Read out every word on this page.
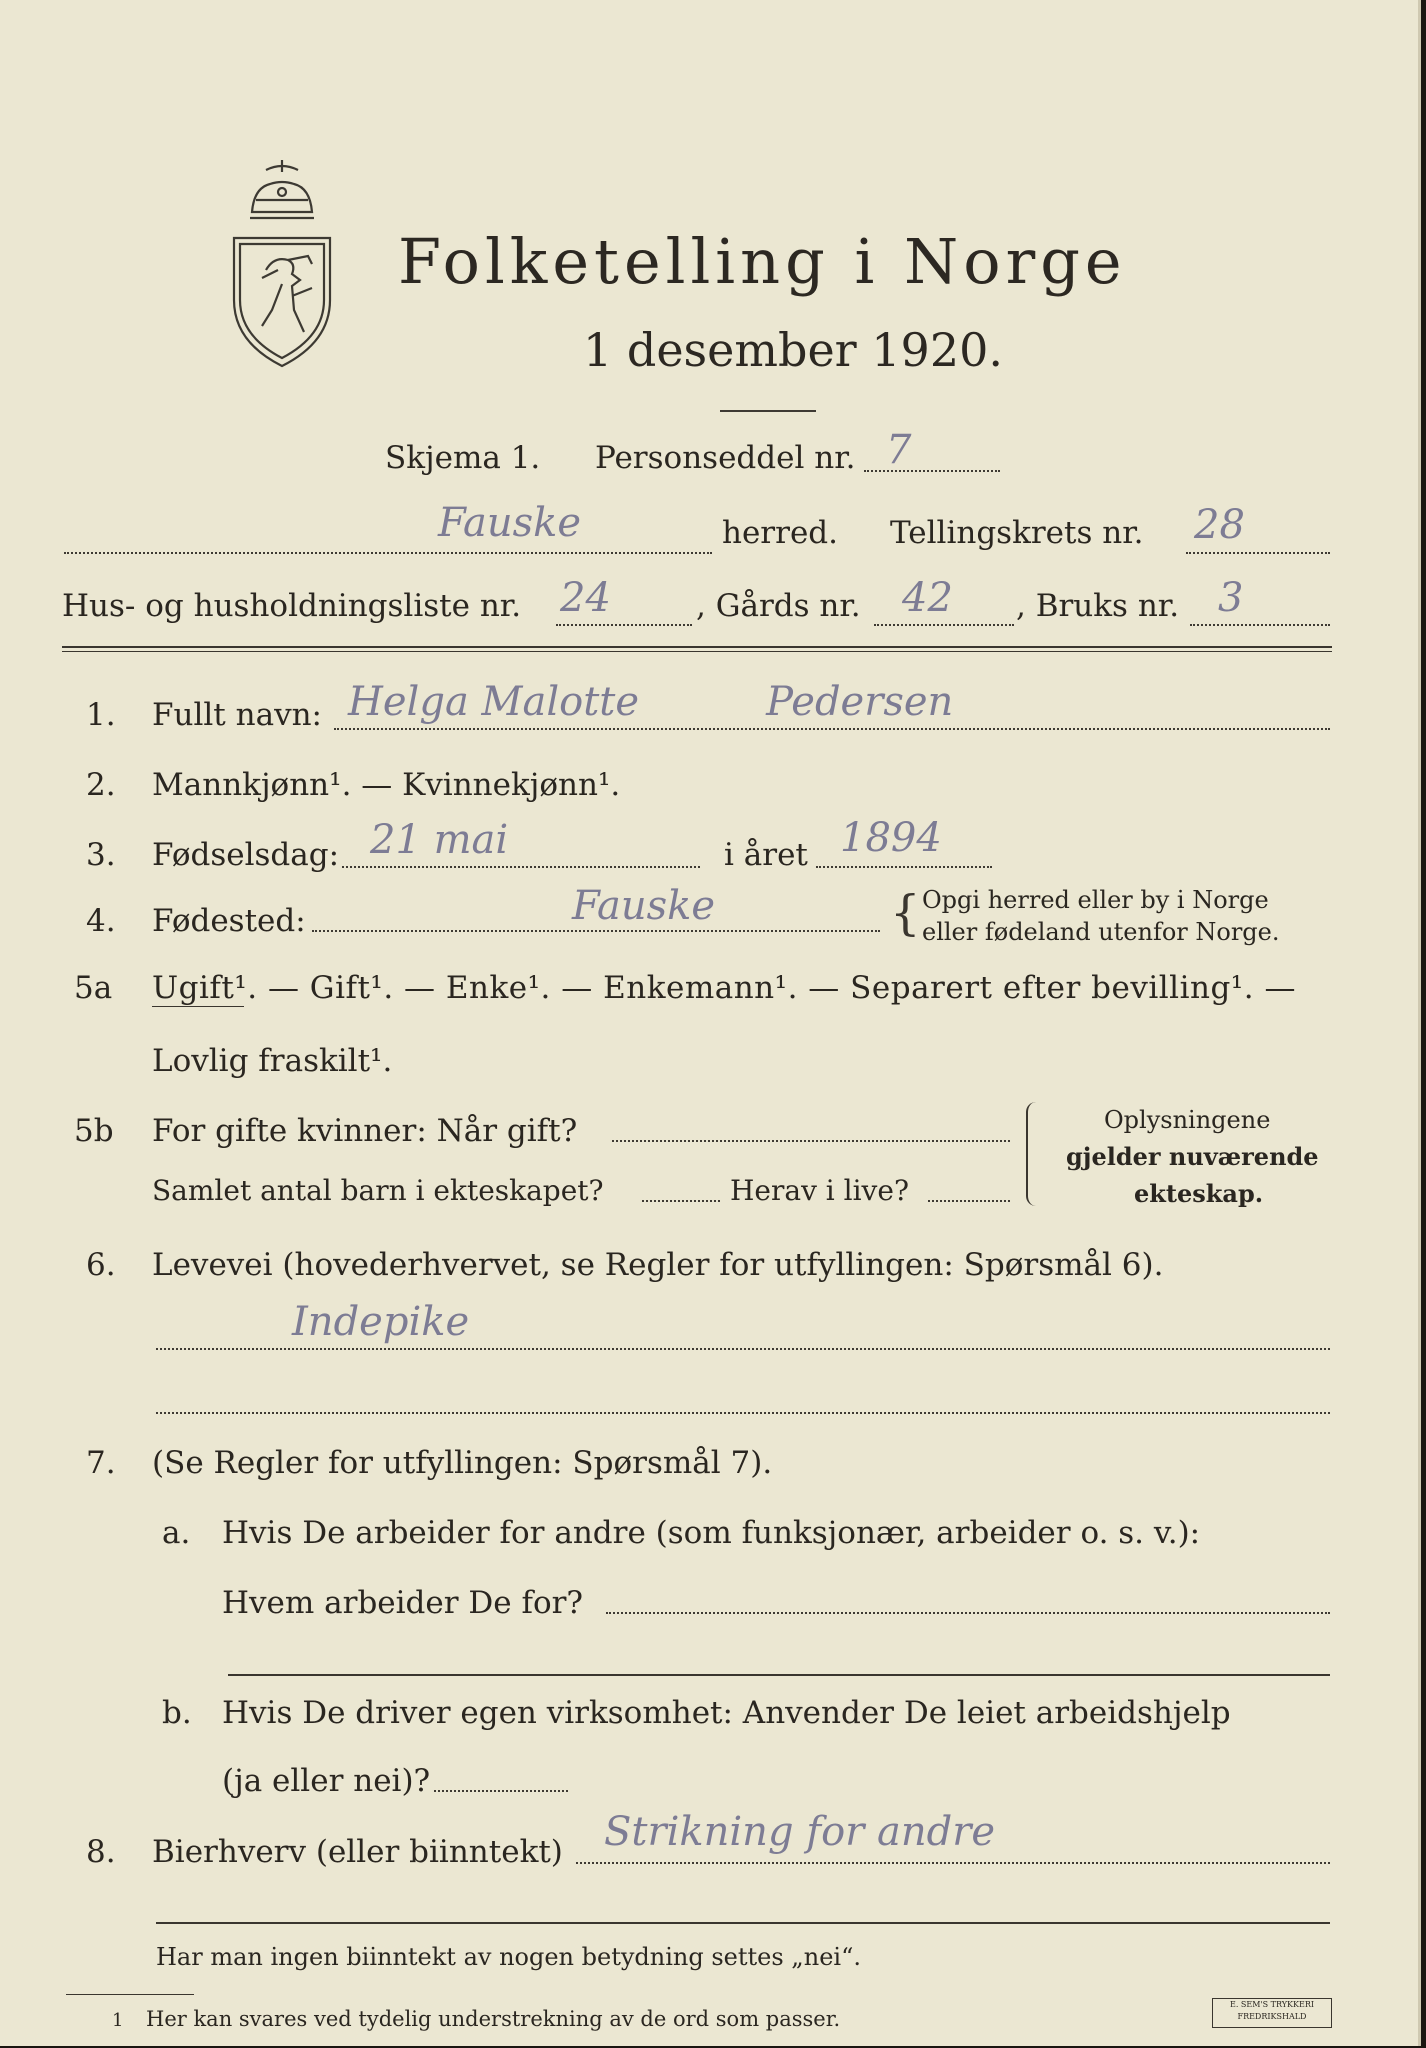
Folketelling i Norge
1 desember 1920.
Skjema 1. Personseddel nr. 7
Fauske	herred. Tellingskrets nr. 28
Hus- og husholdningsliste nr. 24	, Gårds nr. 42 , Bruks nr. 3
1. Fullt navn: Helga Malotte          Pedersen
2. Mannkjønn¹. — Kvinnekjønn¹.
3. Fødselsdag: 21 mai	i året 1894
4. Fødested:	Fauske	{ Opgi herred eller by i Norge
eller fødeland utenfor Norge.
5a Ugift¹. — Gift¹. — Enke¹. — Enkemann¹. — Separert efter bevilling¹. —
Lovlig fraskilt¹.
5b For gifte kvinner: Når gift?
Samlet antal barn i ekteskapet?	Herav i live?
Oplysningene
gjelder nuværende
ekteskap.
6. Levevei (hovederhvervet, se Regler for utfyllingen: Spørsmål 6).
Indepike
7. (Se Regler for utfyllingen: Spørsmål 7).
a. Hvis De arbeider for andre (som funksjonær, arbeider o. s. v.):
Hvem arbeider De for?
b. Hvis De driver egen virksomhet: Anvender De leiet arbeidshjelp
(ja eller nei)?
8. Bierhverv (eller biinntekt) Strikning for andre
Har man ingen biinntekt av nogen betydning settes „nei“.
1 Her kan svares ved tydelig understrekning av de ord som passer.
E. SEM'S TRYKKERI
FREDRIKSHALD
